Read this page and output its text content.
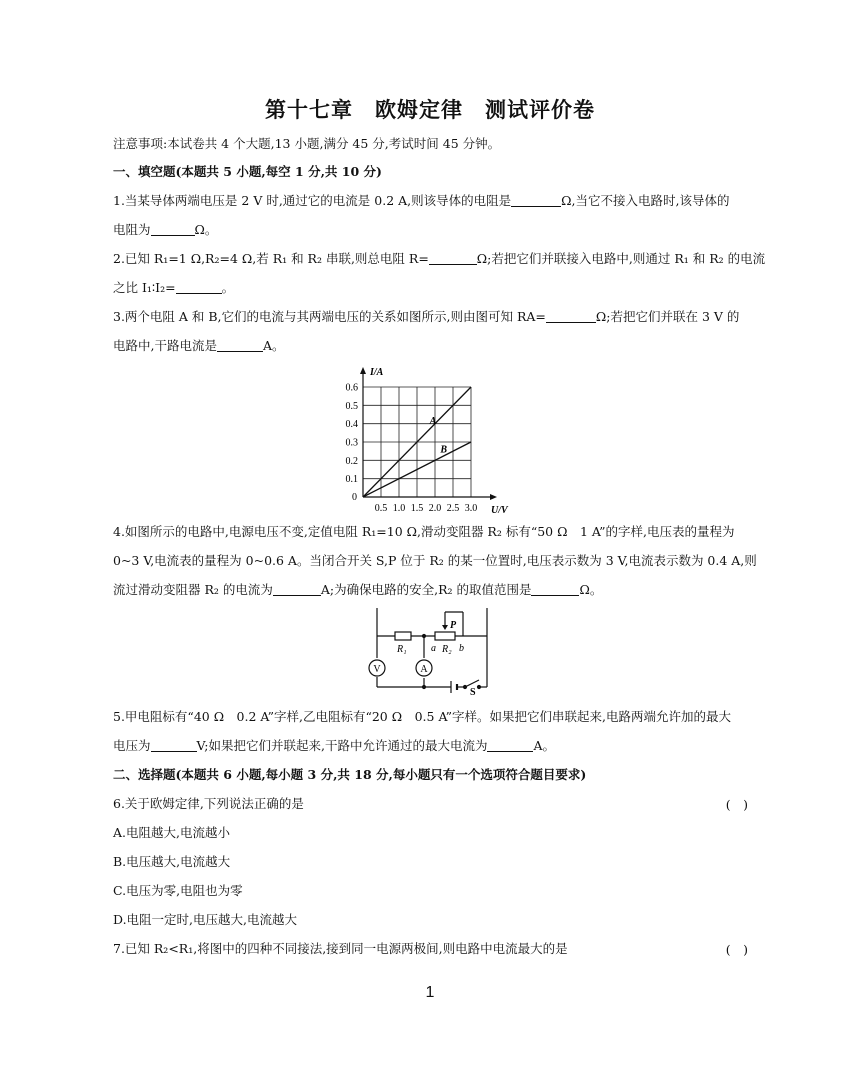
第十七章　欧姆定律　测试评价卷
注意事项:本试卷共 4 个大题,13 小题,满分 45 分,考试时间 45 分钟。
一、填空题(本题共 5 小题,每空 1 分,共 10 分)
1.当某导体两端电压是 2 V 时,通过它的电流是 0.2 A,则该导体的电阻是	Ω,当它不接入电路时,该导体的
电阻为	Ω。
2.已知 R₁=1 Ω,R₂=4 Ω,若 R₁ 和 R₂ 串联,则总电阻 R=	Ω;若把它们并联接入电路中,则通过 R₁ 和 R₂ 的电流
之比 I₁∶I₂=	。
3.两个电阻 A 和 B,它们的电流与其两端电压的关系如图所示,则由图可知 RA=	Ω;若把它们并联在 3 V 的
电路中,干路电流是	A。
0.5 1.0 1.5 2.0 2.5 3.0
0.1
0.2
0.3
0.4
0.5
0.6
0
I/A
U/V
A
B
4.如图所示的电路中,电源电压不变,定值电阻 R₁=10 Ω,滑动变阻器 R₂ 标有“50 Ω　1 A”的字样,电压表的量程为
0~3 V,电流表的量程为 0~0.6 A。当闭合开关 S,P 位于 R₂ 的某一位置时,电压表示数为 3 V,电流表示数为 0.4 A,则
流过滑动变阻器 R₂ 的电流为	A;为确保电路的安全,R₂ 的取值范围是	Ω。
V	A
R₁	R₂
a b
P
S
5.甲电阻标有“40 Ω　0.2 A”字样,乙电阻标有“20 Ω　0.5 A”字样。如果把它们串联起来,电路两端允许加的最大
电压为	V;如果把它们并联起来,干路中允许通过的最大电流为	A。
二、选择题(本题共 6 小题,每小题 3 分,共 18 分,每小题只有一个选项符合题目要求)
6.关于欧姆定律,下列说法正确的是	(　)
A.电阻越大,电流越小
B.电压越大,电流越大
C.电压为零,电阻也为零
D.电阻一定时,电压越大,电流越大
7.已知 R₂<R₁,将图中的四种不同接法,接到同一电源两极间,则电路中电流最大的是	(　)
1
